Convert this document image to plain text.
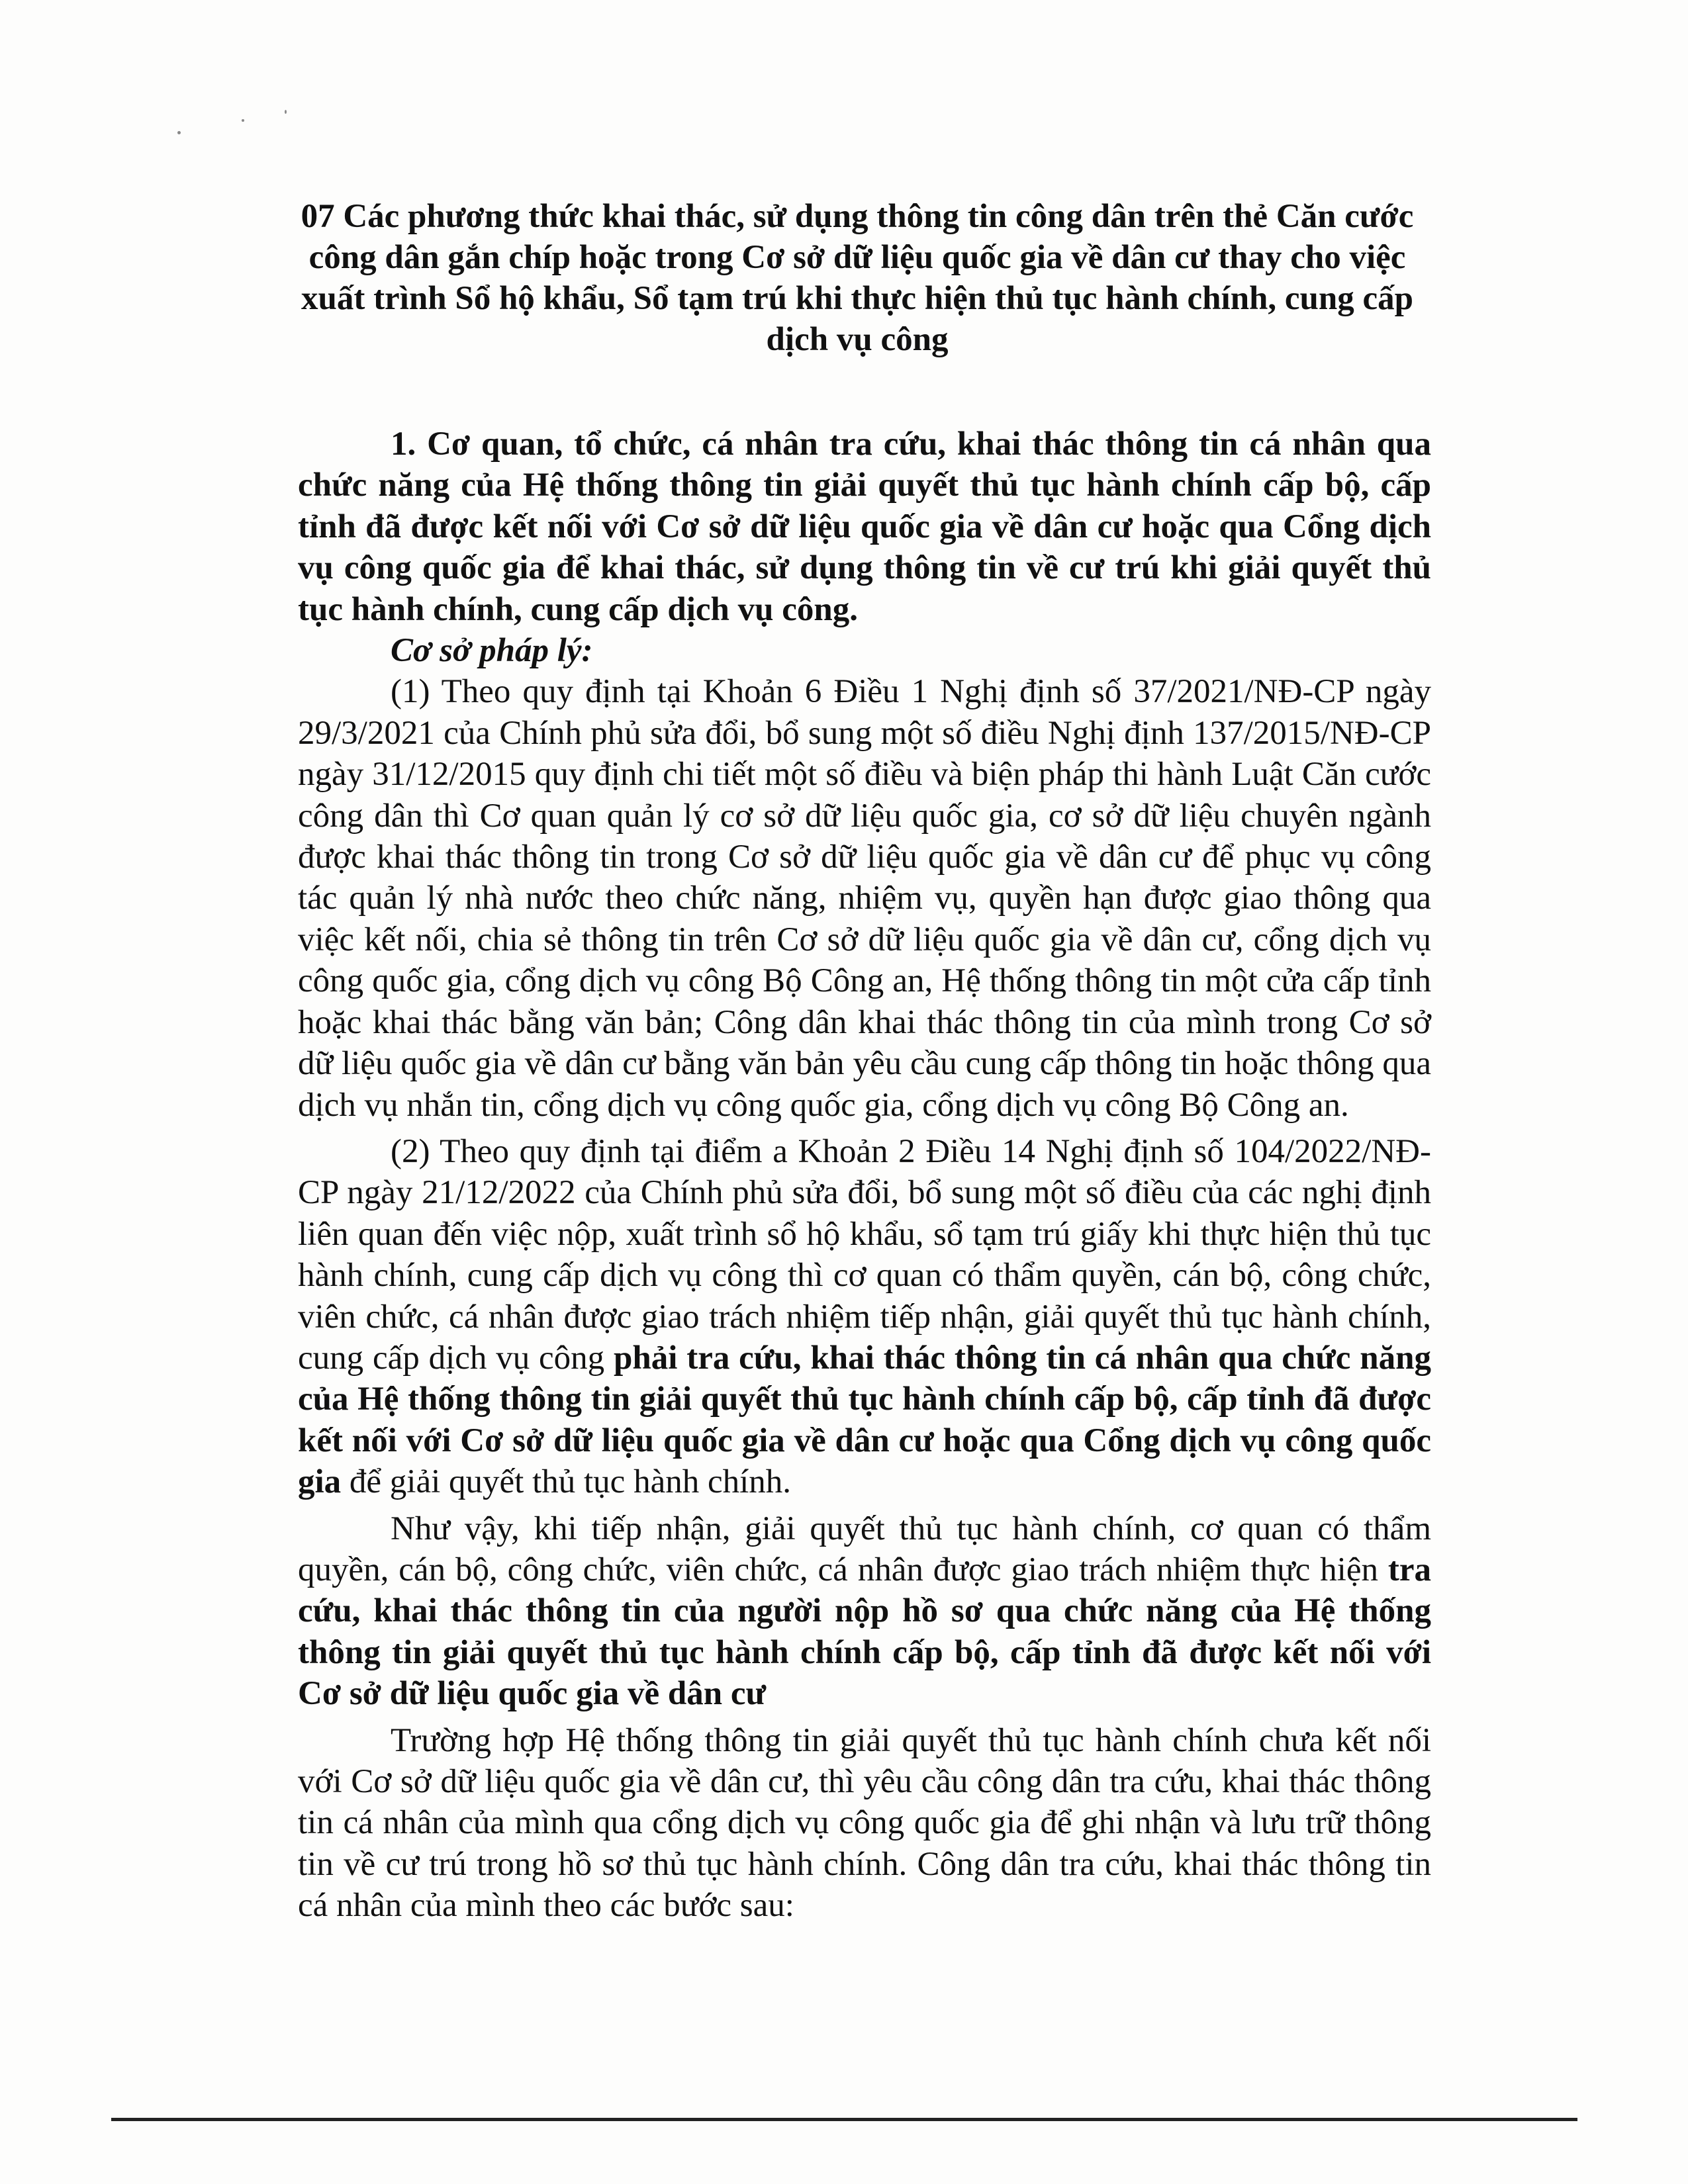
07 Các phương thức khai thác, sử dụng thông tin công dân trên thẻ Căn cước công dân gắn chíp hoặc trong Cơ sở dữ liệu quốc gia về dân cư thay cho việc xuất trình Sổ hộ khẩu, Sổ tạm trú khi thực hiện thủ tục hành chính, cung cấp dịch vụ công

1. Cơ quan, tổ chức, cá nhân tra cứu, khai thác thông tin cá nhân qua chức năng của Hệ thống thông tin giải quyết thủ tục hành chính cấp bộ, cấp tỉnh đã được kết nối với Cơ sở dữ liệu quốc gia về dân cư hoặc qua Cổng dịch vụ công quốc gia để khai thác, sử dụng thông tin về cư trú khi giải quyết thủ tục hành chính, cung cấp dịch vụ công.

Cơ sở pháp lý:

(1) Theo quy định tại Khoản 6 Điều 1 Nghị định số 37/2021/NĐ-CP ngày 29/3/2021 của Chính phủ sửa đổi, bổ sung một số điều Nghị định 137/2015/NĐ-CP ngày 31/12/2015 quy định chi tiết một số điều và biện pháp thi hành Luật Căn cước công dân thì Cơ quan quản lý cơ sở dữ liệu quốc gia, cơ sở dữ liệu chuyên ngành được khai thác thông tin trong Cơ sở dữ liệu quốc gia về dân cư để phục vụ công tác quản lý nhà nước theo chức năng, nhiệm vụ, quyền hạn được giao thông qua việc kết nối, chia sẻ thông tin trên Cơ sở dữ liệu quốc gia về dân cư, cổng dịch vụ công quốc gia, cổng dịch vụ công Bộ Công an, Hệ thống thông tin một cửa cấp tỉnh hoặc khai thác bằng văn bản; Công dân khai thác thông tin của mình trong Cơ sở dữ liệu quốc gia về dân cư bằng văn bản yêu cầu cung cấp thông tin hoặc thông qua dịch vụ nhắn tin, cổng dịch vụ công quốc gia, cổng dịch vụ công Bộ Công an.

(2) Theo quy định tại điểm a Khoản 2 Điều 14 Nghị định số 104/2022/NĐ-CP ngày 21/12/2022 của Chính phủ sửa đổi, bổ sung một số điều của các nghị định liên quan đến việc nộp, xuất trình sổ hộ khẩu, sổ tạm trú giấy khi thực hiện thủ tục hành chính, cung cấp dịch vụ công thì cơ quan có thẩm quyền, cán bộ, công chức, viên chức, cá nhân được giao trách nhiệm tiếp nhận, giải quyết thủ tục hành chính, cung cấp dịch vụ công phải tra cứu, khai thác thông tin cá nhân qua chức năng của Hệ thống thông tin giải quyết thủ tục hành chính cấp bộ, cấp tỉnh đã được kết nối với Cơ sở dữ liệu quốc gia về dân cư hoặc qua Cổng dịch vụ công quốc gia để giải quyết thủ tục hành chính.

Như vậy, khi tiếp nhận, giải quyết thủ tục hành chính, cơ quan có thẩm quyền, cán bộ, công chức, viên chức, cá nhân được giao trách nhiệm thực hiện tra cứu, khai thác thông tin của người nộp hồ sơ qua chức năng của Hệ thống thông tin giải quyết thủ tục hành chính cấp bộ, cấp tỉnh đã được kết nối với Cơ sở dữ liệu quốc gia về dân cư

Trường hợp Hệ thống thông tin giải quyết thủ tục hành chính chưa kết nối với Cơ sở dữ liệu quốc gia về dân cư, thì yêu cầu công dân tra cứu, khai thác thông tin cá nhân của mình qua cổng dịch vụ công quốc gia để ghi nhận và lưu trữ thông tin về cư trú trong hồ sơ thủ tục hành chính. Công dân tra cứu, khai thác thông tin cá nhân của mình theo các bước sau:
